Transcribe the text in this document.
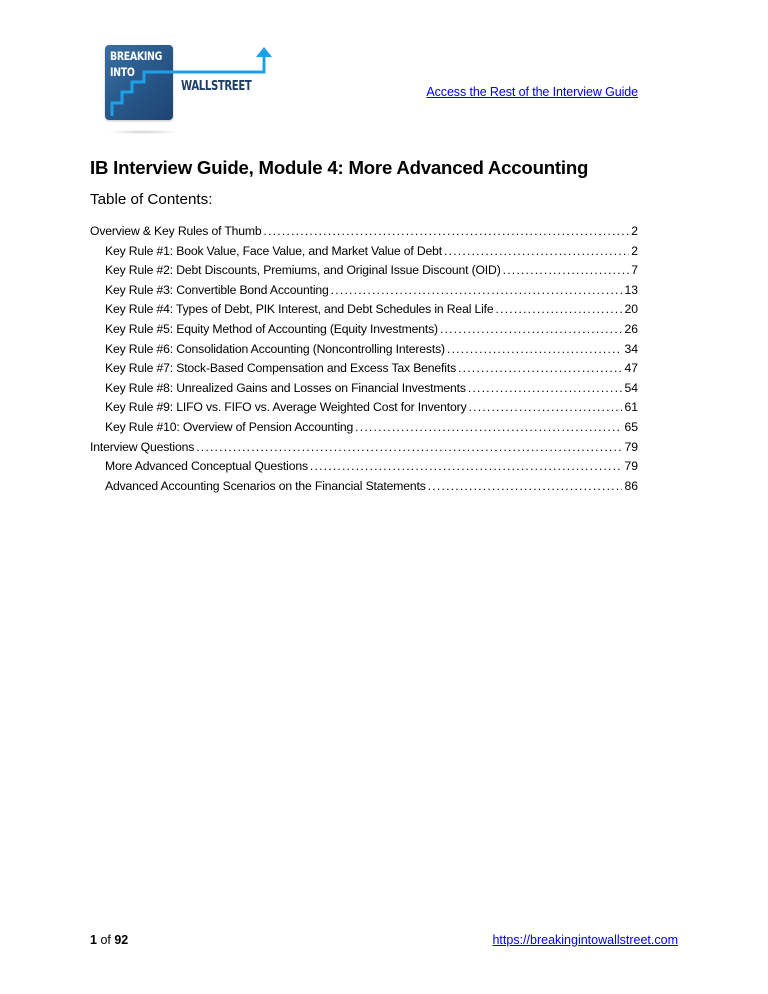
BREAKING
INTO
WALLSTREET	Access the Rest of the Interview Guide
IB Interview Guide, Module 4: More Advanced Accounting
Table of Contents:
Overview & Key Rules of Thumb .....	2
Key Rule #1: Book Value, Face Value, and Market Value of Debt .....	2
Key Rule #2: Debt Discounts, Premiums, and Original Issue Discount (OID) .....	7
Key Rule #3: Convertible Bond Accounting .....	13
Key Rule #4: Types of Debt, PIK Interest, and Debt Schedules in Real Life .....	20
Key Rule #5: Equity Method of Accounting (Equity Investments) .....	26
Key Rule #6: Consolidation Accounting (Noncontrolling Interests) .....	34
Key Rule #7: Stock-Based Compensation and Excess Tax Benefits .....	47
Key Rule #8: Unrealized Gains and Losses on Financial Investments .....	54
Key Rule #9: LIFO vs. FIFO vs. Average Weighted Cost for Inventory .....	61
Key Rule #10: Overview of Pension Accounting .....	65
Interview Questions .....	79
More Advanced Conceptual Questions .....	79
Advanced Accounting Scenarios on the Financial Statements .....	86
1 of 92	https://breakingintowallstreet.com
